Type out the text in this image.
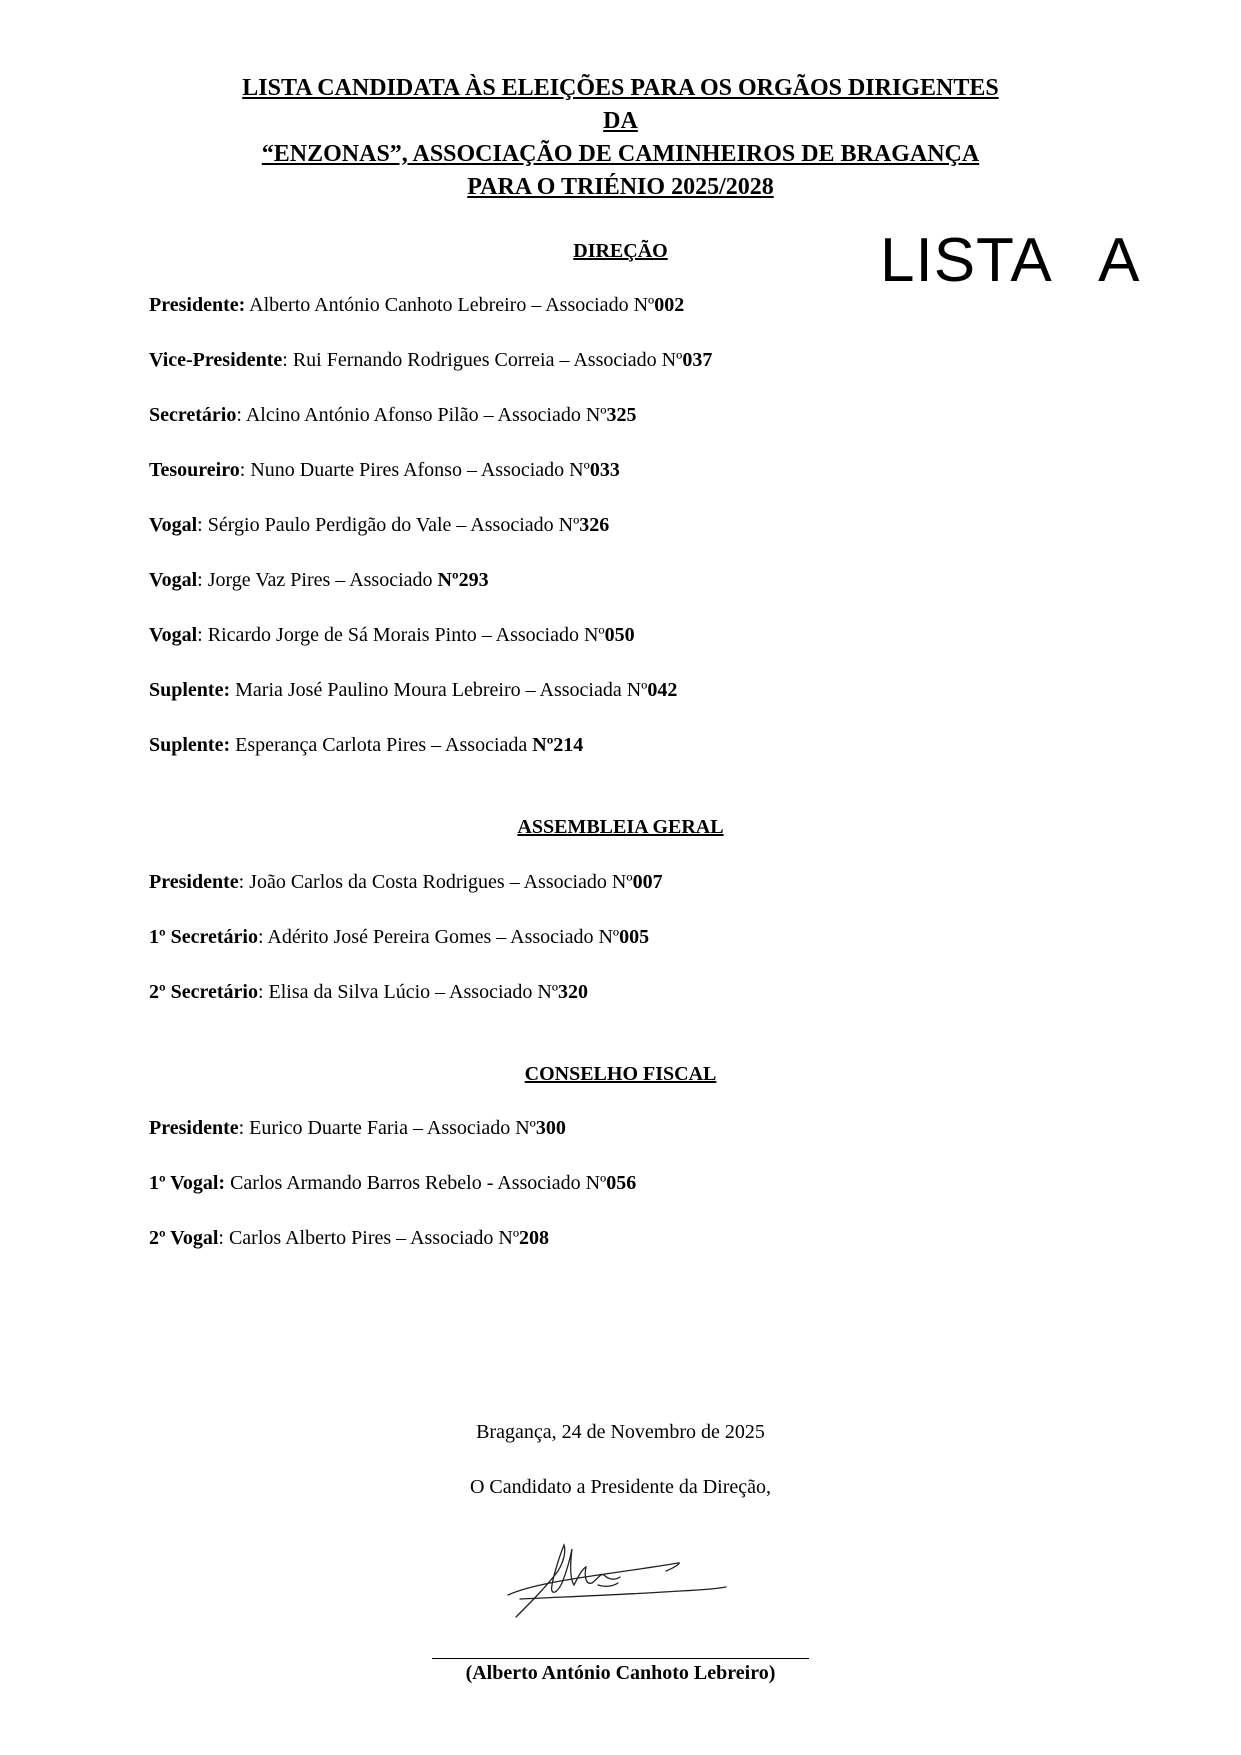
LISTA CANDIDATA ÀS ELEIÇÕES PARA OS ORGÃOS DIRIGENTES
DA
“ENZONAS”, ASSOCIAÇÃO DE CAMINHEIROS DE BRAGANÇA
PARA O TRIÉNIO 2025/2028
LISTA A
DIREÇÃO
Presidente: Alberto António Canhoto Lebreiro – Associado Nº002
Vice-Presidente: Rui Fernando Rodrigues Correia – Associado Nº037
Secretário: Alcino António Afonso Pilão – Associado Nº325
Tesoureiro: Nuno Duarte Pires Afonso – Associado Nº033
Vogal: Sérgio Paulo Perdigão do Vale – Associado Nº326
Vogal: Jorge Vaz Pires – Associado Nº293
Vogal: Ricardo Jorge de Sá Morais Pinto – Associado Nº050
Suplente: Maria José Paulino Moura Lebreiro – Associada Nº042
Suplente: Esperança Carlota Pires – Associada Nº214
ASSEMBLEIA GERAL
Presidente: João Carlos da Costa Rodrigues – Associado Nº007
1º Secretário: Adérito José Pereira Gomes – Associado Nº005
2º Secretário: Elisa da Silva Lúcio – Associado Nº320
CONSELHO FISCAL
Presidente: Eurico Duarte Faria – Associado Nº300
1º Vogal: Carlos Armando Barros Rebelo - Associado Nº056
2º Vogal: Carlos Alberto Pires – Associado Nº208
Bragança, 24 de Novembro de 2025
O Candidato a Presidente da Direção,
(Alberto António Canhoto Lebreiro)
